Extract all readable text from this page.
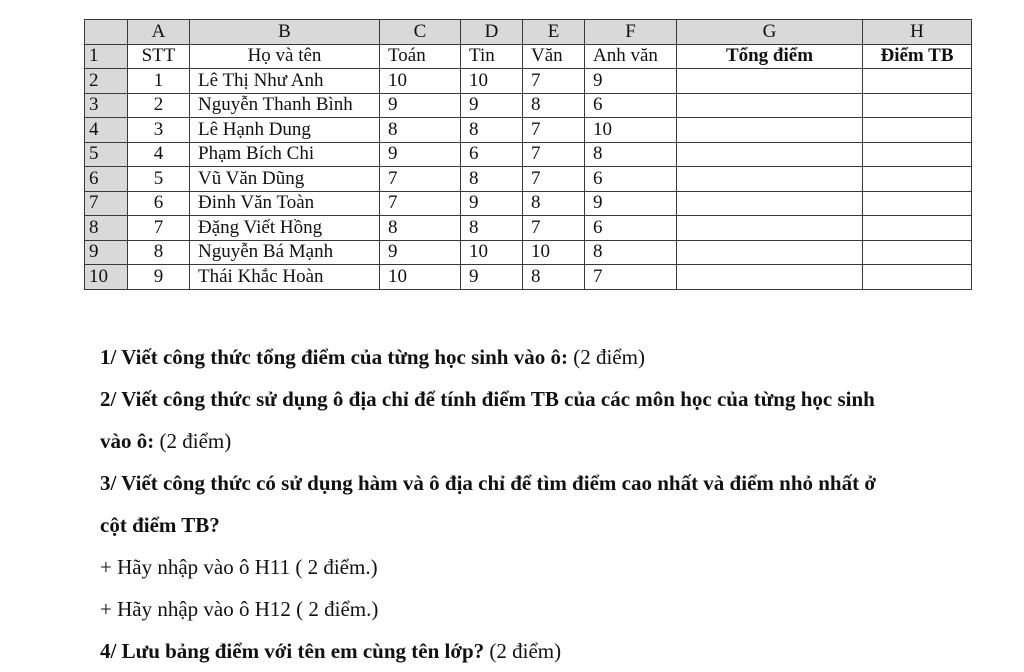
	A	B	C	D	E	F	G	H
1	STT	Họ và tên	Toán	Tin	Văn	Anh văn	Tổng điểm	Điểm TB
2	1	Lê Thị Như Anh	10	10	7	9		
3	2	Nguyễn Thanh Bình	9	9	8	6		
4	3	Lê Hạnh Dung	8	8	7	10		
5	4	Phạm Bích Chi	9	6	7	8		
6	5	Vũ Văn Dũng	7	8	7	6		
7	6	Đinh Văn Toàn	7	9	8	9		
8	7	Đặng Viết Hồng	8	8	7	6		
9	8	Nguyễn Bá Mạnh	9	10	10	8		
10	9	Thái Khắc Hoàn	10	9	8	7		

1/ Viết công thức tổng điểm của từng học sinh vào ô: (2 điểm)

2/ Viết công thức sử dụng ô địa chỉ để tính điểm TB của các môn học của từng học sinh

vào ô: (2 điểm)

3/ Viết công thức có sử dụng hàm và ô địa chỉ để tìm điểm cao nhất và điểm nhỏ nhất ở

cột điểm TB?

+ Hãy nhập vào ô H11 ( 2 điểm.)

+ Hãy nhập vào ô H12 ( 2 điểm.)

4/ Lưu bảng điểm với tên em cùng tên lớp? (2 điểm)
